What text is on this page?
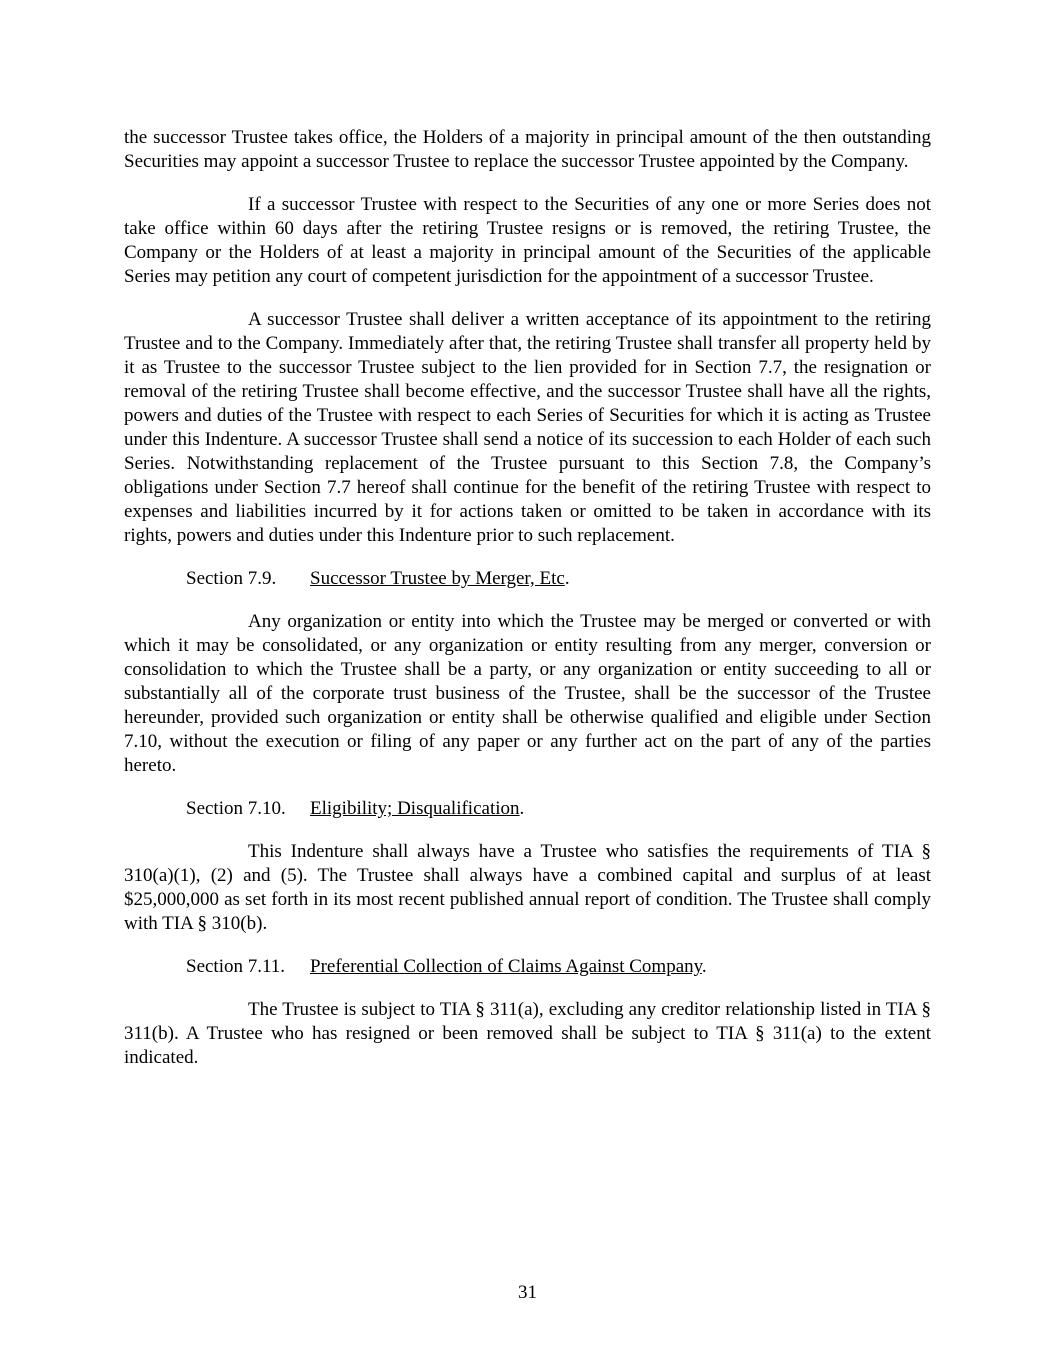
the successor Trustee takes office, the Holders of a majority in principal amount of the then outstanding Securities may appoint a successor Trustee to replace the successor Trustee appointed by the Company.

If a successor Trustee with respect to the Securities of any one or more Series does not take office within 60 days after the retiring Trustee resigns or is removed, the retiring Trustee, the Company or the Holders of at least a majority in principal amount of the Securities of the applicable Series may petition any court of competent jurisdiction for the appointment of a successor Trustee.

A successor Trustee shall deliver a written acceptance of its appointment to the retiring Trustee and to the Company. Immediately after that, the retiring Trustee shall transfer all property held by it as Trustee to the successor Trustee subject to the lien provided for in Section 7.7, the resignation or removal of the retiring Trustee shall become effective, and the successor Trustee shall have all the rights, powers and duties of the Trustee with respect to each Series of Securities for which it is acting as Trustee under this Indenture. A successor Trustee shall send a notice of its succession to each Holder of each such Series. Notwithstanding replacement of the Trustee pursuant to this Section 7.8, the Company’s obligations under Section 7.7 hereof shall continue for the benefit of the retiring Trustee with respect to expenses and liabilities incurred by it for actions taken or omitted to be taken in accordance with its rights, powers and duties under this Indenture prior to such replacement.

Section 7.9. Successor Trustee by Merger, Etc.

Any organization or entity into which the Trustee may be merged or converted or with which it may be consolidated, or any organization or entity resulting from any merger, conversion or consolidation to which the Trustee shall be a party, or any organization or entity succeeding to all or substantially all of the corporate trust business of the Trustee, shall be the successor of the Trustee hereunder, provided such organization or entity shall be otherwise qualified and eligible under Section 7.10, without the execution or filing of any paper or any further act on the part of any of the parties hereto.

Section 7.10. Eligibility; Disqualification.

This Indenture shall always have a Trustee who satisfies the requirements of TIA § 310(a)(1), (2) and (5). The Trustee shall always have a combined capital and surplus of at least $25,000,000 as set forth in its most recent published annual report of condition. The Trustee shall comply with TIA § 310(b).

Section 7.11. Preferential Collection of Claims Against Company.

The Trustee is subject to TIA § 311(a), excluding any creditor relationship listed in TIA § 311(b). A Trustee who has resigned or been removed shall be subject to TIA § 311(a) to the extent indicated.

31
